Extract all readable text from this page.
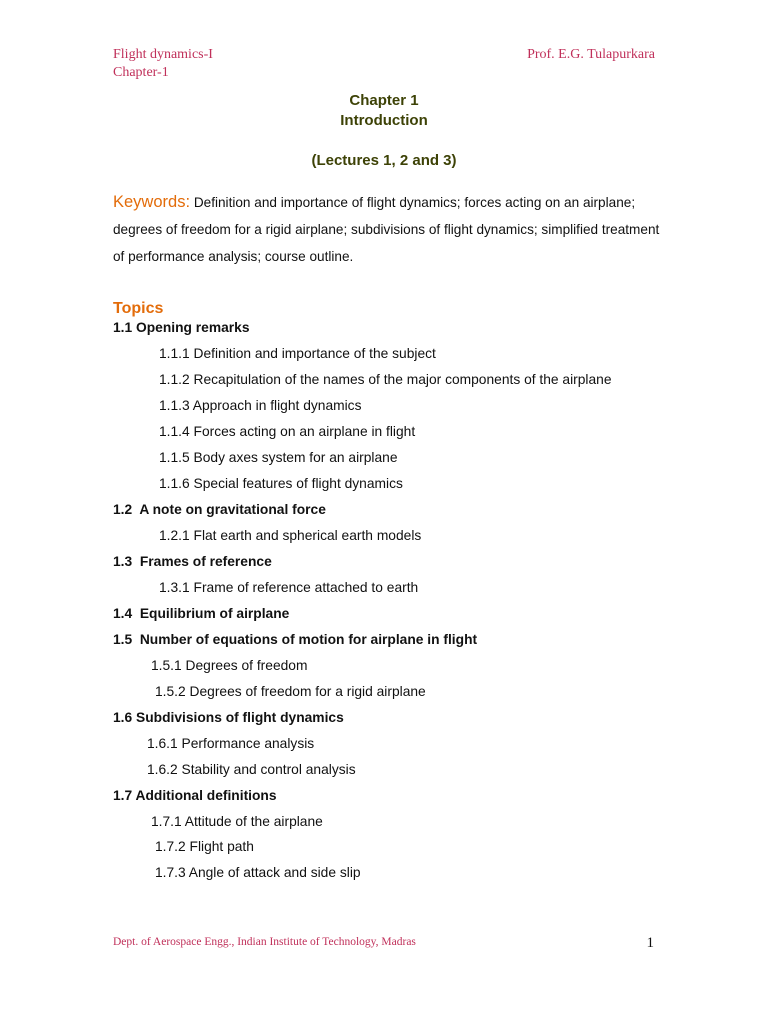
Flight dynamics-I
Chapter-1
Prof. E.G. Tulapurkara
Chapter 1
Introduction
(Lectures 1, 2 and 3)
Keywords: Definition and importance of flight dynamics; forces acting on an airplane; degrees of freedom for a rigid airplane; subdivisions of flight dynamics; simplified treatment of performance analysis; course outline.
Topics
1.1 Opening remarks
1.1.1 Definition and importance of the subject
1.1.2 Recapitulation of the names of the major components of the airplane
1.1.3 Approach in flight dynamics
1.1.4 Forces acting on an airplane in flight
1.1.5 Body axes system for an airplane
1.1.6 Special features of flight dynamics
1.2  A note on gravitational force
1.2.1 Flat earth and spherical earth models
1.3  Frames of reference
1.3.1 Frame of reference attached to earth
1.4  Equilibrium of airplane
1.5  Number of equations of motion for airplane in flight
1.5.1 Degrees of freedom
1.5.2 Degrees of freedom for a rigid airplane
1.6 Subdivisions of flight dynamics
1.6.1 Performance analysis
1.6.2 Stability and control analysis
1.7 Additional definitions
1.7.1 Attitude of the airplane
1.7.2 Flight path
1.7.3 Angle of attack and side slip
Dept. of Aerospace Engg., Indian Institute of Technology, Madras	1
